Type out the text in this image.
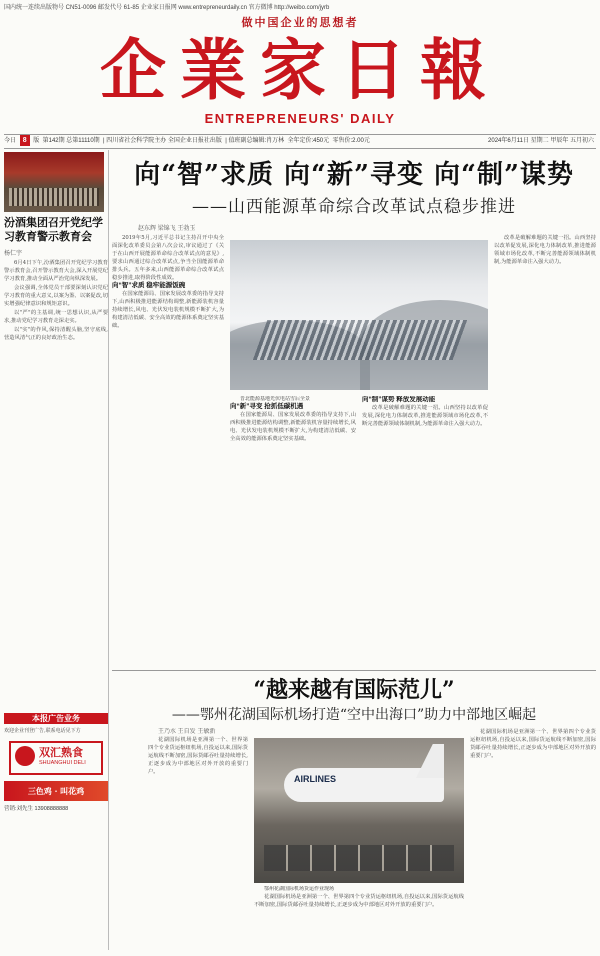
国内统一连续出版物号 CN51-0096 邮发代号 61-85 企业家日报网 www.entrepreneurdaily.cn 官方微博 http://weibo.com/jyrb
做中国企业的思想者
企業家日報
ENTREPRENEURS' DAILY
今日 8 版 第142期 总第11110期  | 四川省社会科学院主办 全国企业日报社出版  | 值班副总编辑:肖万林 全年定价:450元 零售价:2.00元	2024年6月11日 星期二 甲辰年 五月初六
汾酒集团召开党纪学习教育警示教育会
杨仁宇

6月4日下午,汾酒集团召开党纪学习教育警示教育会,召开警示教育大会,深入开展党纪学习教育,推动全面从严治党向纵深发展。

会议强调,全体党员干部要深刻认识党纪学习教育的重大意义,以案为鉴、以案促改,切实增强纪律意识和规矩意识。

以"严"的主基调,统一思想认识,从严要求,推动党纪学习教育走深走实。

以"实"的作风,保持清醒头脑,坚守底线,营造风清气正的良好政治生态。

本报广告业务
欢迎企业刊登广告,联系电话见下方
双汇熟食
SHUANGHUI DELI
三色鸡 · 叫花鸡
营销:刘先生 13908888888
向“智”求质 向“新”寻变 向“制”谋势
——山西能源革命综合改革试点稳步推进
赵东辉 梁锦飞 王勃玉

2019年5月,习近平总书记主持召开中央全面深化改革委员会第八次会议,审议通过了《关于在山西开展能源革命综合改革试点的意见》,要求山西通过综合改革试点,争当全国能源革命排头兵。五年多来,山西能源革命综合改革试点稳步推进,取得阶段性成效。

向“智”求质 稳牢能源饭碗

在国家能源局、国家发展改革委的指导支持下,山西积极推进能源结构调整,新能源装机容量持续增长,风电、光伏发电装机规模不断扩大,为构建清洁低碳、安全高效的能源体系奠定坚实基础。

晋北能源基地光伏电站雪后全景

向“新”寻变 抢抓低碳机遇

在国家能源局、国家发展改革委的指导支持下,山西积极推进能源结构调整,新能源装机容量持续增长,风电、光伏发电装机规模不断扩大,为构建清洁低碳、安全高效的能源体系奠定坚实基础。

向“制”谋势 释放发展动能

改革是破解难题的关键一招。山西坚持以改革促发展,深化电力体制改革,推进能源领域市场化改革,不断完善能源领域体制机制,为能源革命注入强大动力。

改革是破解难题的关键一招。山西坚持以改革促发展,深化电力体制改革,推进能源领域市场化改革,不断完善能源领域体制机制,为能源革命注入强大动力。

“越来越有国际范儿”
——鄂州花湖国际机场打造“空中出海口”助力中部地区崛起

王乃水 王自发 王敏新

花湖国际机场是亚洲第一个、世界第四个专业货运枢纽机场,自投运以来,国际货运航线不断加密,国际货邮吞吐量持续增长,正逐步成为中部地区对外开放的重要门户。

AIRLINES

鄂州花湖国际机场货运作业现场

花湖国际机场是亚洲第一个、世界第四个专业货运枢纽机场,自投运以来,国际货运航线不断加密,国际货邮吞吐量持续增长,正逐步成为中部地区对外开放的重要门户。

花湖国际机场是亚洲第一个、世界第四个专业货运枢纽机场,自投运以来,国际货运航线不断加密,国际货邮吞吐量持续增长,正逐步成为中部地区对外开放的重要门户。
